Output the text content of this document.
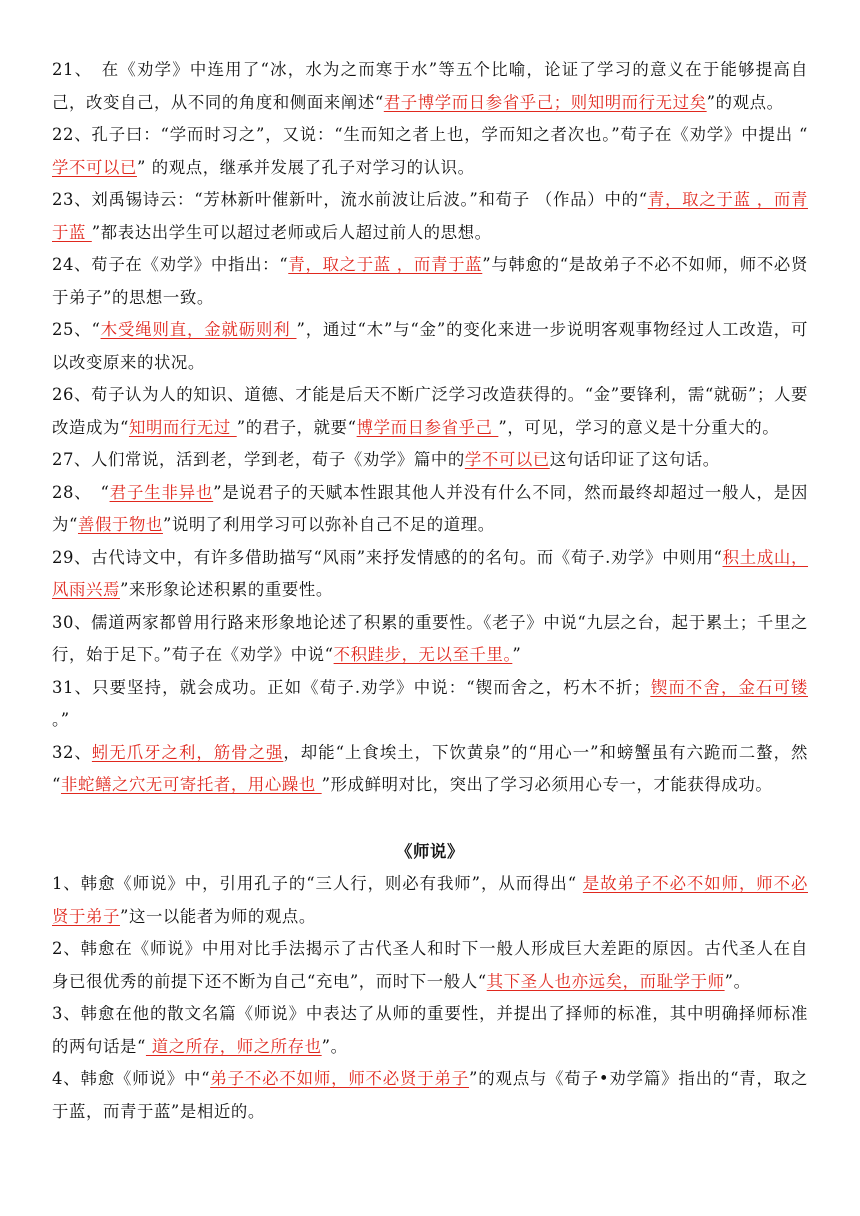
21、　在《劝学》中连用了“冰，水为之而寒于水”等五个比喻，论证了学习的意义在于能够提高自己，改变自己，从不同的角度和侧面来阐述“君子博学而日参省乎己；则知明而行无过矣”的观点。

22、孔子曰：“学而时习之”，又说：“生而知之者上也，学而知之者次也。”荀子在《劝学》中提出 “ 学不可以已” 的观点，继承并发展了孔子对学习的认识。

23、刘禹锡诗云：“芳林新叶催新叶，流水前波让后波。”和荀子 （作品）中的“青，取之于蓝 ，而青于蓝 ”都表达出学生可以超过老师或后人超过前人的思想。

24、荀子在《劝学》中指出：“青，取之于蓝 ，而青于蓝”与韩愈的“是故弟子不必不如师，师不必贤于弟子”的思想一致。

25、“木受绳则直，金就砺则利 ”，通过“木”与“金”的变化来进一步说明客观事物经过人工改造，可以改变原来的状况。

26、荀子认为人的知识、道德、才能是后天不断广泛学习改造获得的。“金”要锋利，需“就砺”；人要改造成为“知明而行无过 ”的君子，就要“博学而日参省乎己 ”，可见，学习的意义是十分重大的。

27、人们常说，活到老，学到老，荀子《劝学》篇中的学不可以已这句话印证了这句话。

28、　“君子生非异也”是说君子的天赋本性跟其他人并没有什么不同，然而最终却超过一般人，是因为“善假于物也”说明了利用学习可以弥补自己不足的道理。

29、古代诗文中，有许多借助描写“风雨”来抒发情感的的名句。而《荀子.劝学》中则用“积土成山，风雨兴焉”来形象论述积累的重要性。

30、儒道两家都曾用行路来形象地论述了积累的重要性。《老子》中说“九层之台，起于累土；千里之行，始于足下。”荀子在《劝学》中说“不积跬步，无以至千里。”

31、只要坚持，就会成功。正如《荀子.劝学》中说：“锲而舍之，朽木不折；锲而不舍，金石可镂 。”

32、蚓无爪牙之利，筋骨之强，却能“上食埃土，下饮黄泉”的“用心一”和螃蟹虽有六跪而二螯，然 “非蛇鳝之穴无可寄托者，用心躁也 ”形成鲜明对比，突出了学习必须用心专一，才能获得成功。

《师说》

1、韩愈《师说》中，引用孔子的“三人行，则必有我师”，从而得出“ 是故弟子不必不如师，师不必贤于弟子”这一以能者为师的观点。

2、韩愈在《师说》中用对比手法揭示了古代圣人和时下一般人形成巨大差距的原因。古代圣人在自身已很优秀的前提下还不断为自己“充电”，而时下一般人“其下圣人也亦远矣，而耻学于师”。

3、韩愈在他的散文名篇《师说》中表达了从师的重要性，并提出了择师的标准，其中明确择师标准的两句话是“ 道之所存，师之所存也”。

4、韩愈《师说》中“弟子不必不如师，师不必贤于弟子”的观点与《荀子•劝学篇》指出的“青，取之于蓝，而青于蓝”是相近的。
